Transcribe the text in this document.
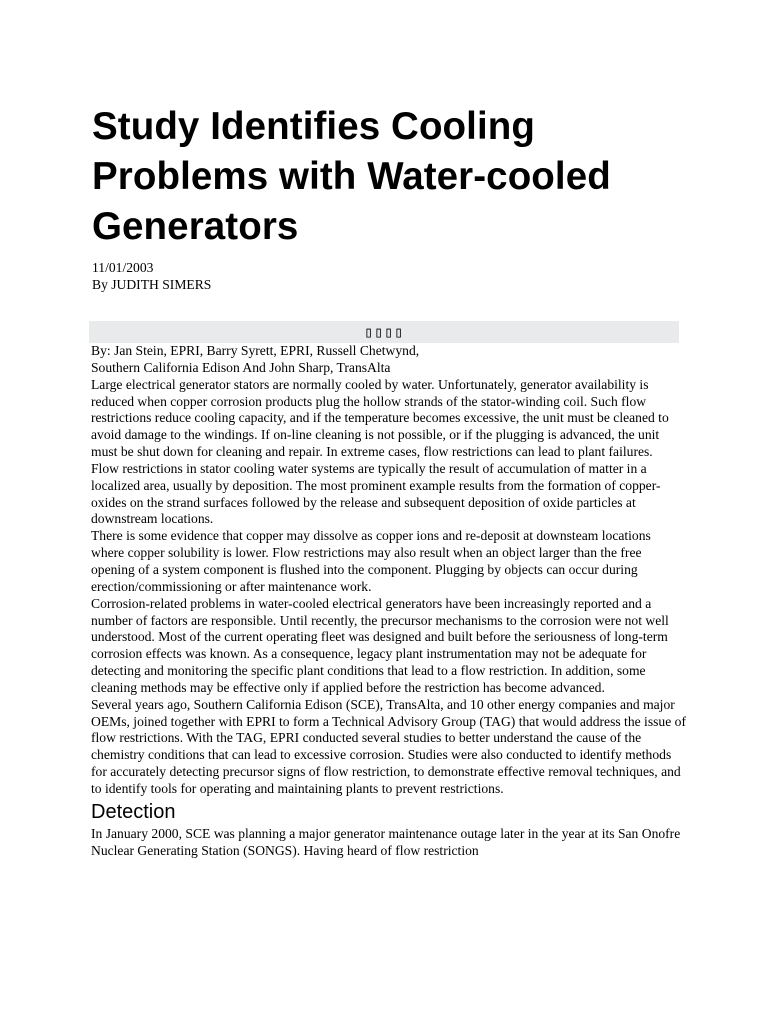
Study Identifies Cooling Problems with Water-cooled Generators
11/01/2003
By JUDITH SIMERS
▯▯▯▯

By: Jan Stein, EPRI, Barry Syrett, EPRI, Russell Chetwynd,
Southern California Edison And John Sharp, TransAlta

Large electrical generator stators are normally cooled by water. Unfortunately, generator availability is reduced when copper corrosion products plug the hollow strands of the stator-winding coil. Such flow restrictions reduce cooling capacity, and if the temperature becomes excessive, the unit must be cleaned to avoid damage to the windings. If on-line cleaning is not possible, or if the plugging is advanced, the unit must be shut down for cleaning and repair. In extreme cases, flow restrictions can lead to plant failures.

Flow restrictions in stator cooling water systems are typically the result of accumulation of matter in a localized area, usually by deposition. The most prominent example results from the formation of copper-oxides on the strand surfaces followed by the release and subsequent deposition of oxide particles at downstream locations.

There is some evidence that copper may dissolve as copper ions and re-deposit at downsteam locations where copper solubility is lower. Flow restrictions may also result when an object larger than the free opening of a system component is flushed into the component. Plugging by objects can occur during erection/commissioning or after maintenance work.

Corrosion-related problems in water-cooled electrical generators have been increasingly reported and a number of factors are responsible. Until recently, the precursor mechanisms to the corrosion were not well understood. Most of the current operating fleet was designed and built before the seriousness of long-term corrosion effects was known. As a consequence, legacy plant instrumentation may not be adequate for detecting and monitoring the specific plant conditions that lead to a flow restriction. In addition, some cleaning methods may be effective only if applied before the restriction has become advanced.

Several years ago, Southern California Edison (SCE), TransAlta, and 10 other energy companies and major OEMs, joined together with EPRI to form a Technical Advisory Group (TAG) that would address the issue of flow restrictions. With the TAG, EPRI conducted several studies to better understand the cause of the chemistry conditions that can lead to excessive corrosion. Studies were also conducted to identify methods for accurately detecting precursor signs of flow restriction, to demonstrate effective removal techniques, and to identify tools for operating and maintaining plants to prevent restrictions.

Detection

In January 2000, SCE was planning a major generator maintenance outage later in the year at its San Onofre Nuclear Generating Station (SONGS). Having heard of flow restriction
